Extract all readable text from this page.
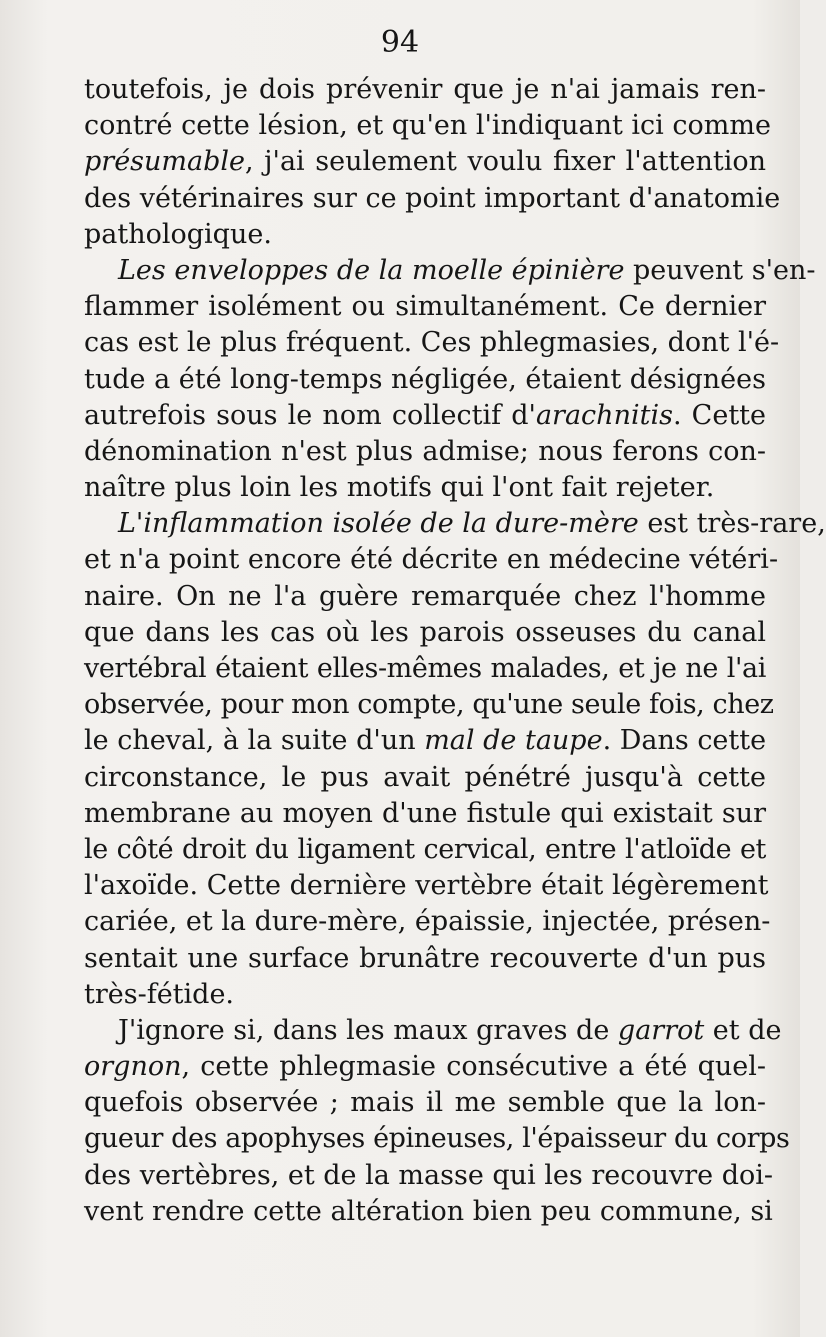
94
toutefois, je dois prévenir que je n'ai jamais ren-
contré cette lésion, et qu'en l'indiquant ici comme
présumable, j'ai seulement voulu fixer l'attention
des vétérinaires sur ce point important d'anatomie
pathologique.
Les enveloppes de la moelle épinière peuvent s'en-
flammer isolément ou simultanément. Ce dernier
cas est le plus fréquent. Ces phlegmasies, dont l'é-
tude a été long-temps négligée, étaient désignées
autrefois sous le nom collectif d'arachnitis. Cette
dénomination n'est plus admise; nous ferons con-
naître plus loin les motifs qui l'ont fait rejeter.
L'inflammation isolée de la dure-mère est très-rare,
et n'a point encore été décrite en médecine vétéri-
naire. On ne l'a guère remarquée chez l'homme
que dans les cas où les parois osseuses du canal
vertébral étaient elles-mêmes malades, et je ne l'ai
observée, pour mon compte, qu'une seule fois, chez
le cheval, à la suite d'un mal de taupe. Dans cette
circonstance, le pus avait pénétré jusqu'à cette
membrane au moyen d'une fistule qui existait sur
le côté droit du ligament cervical, entre l'atloïde et
l'axoïde. Cette dernière vertèbre était légèrement
cariée, et la dure-mère, épaissie, injectée, présen-
sentait une surface brunâtre recouverte d'un pus
très-fétide.
J'ignore si, dans les maux graves de garrot et de
orgnon, cette phlegmasie consécutive a été quel-
quefois observée ; mais il me semble que la lon-
gueur des apophyses épineuses, l'épaisseur du corps
des vertèbres, et de la masse qui les recouvre doi-
vent rendre cette altération bien peu commune, si
